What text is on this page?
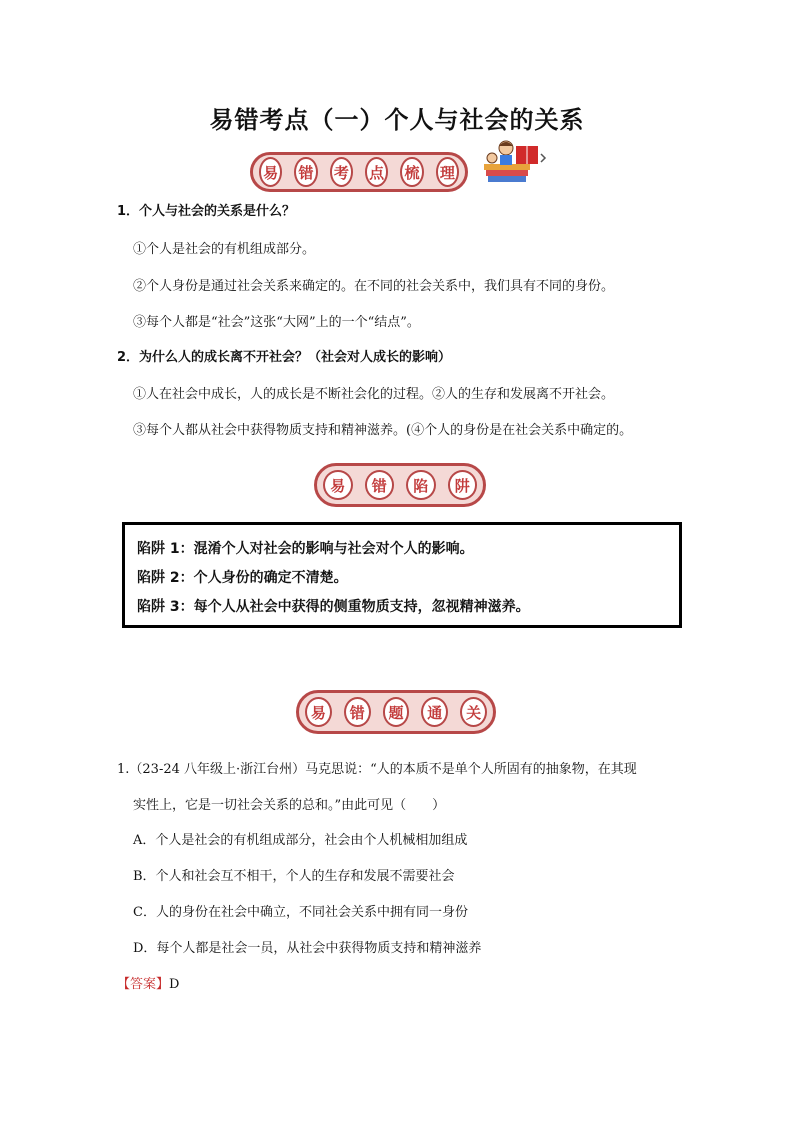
易错考点（一）个人与社会的关系
易 错 考 点 梳 理
1．个人与社会的关系是什么？
①个人是社会的有机组成部分。
②个人身份是通过社会关系来确定的。在不同的社会关系中，我们具有不同的身份。
③每个人都是“社会”这张“大网”上的一个“结点”。
2．为什么人的成长离不开社会？（社会对人成长的影响）
①人在社会中成长，人的成长是不断社会化的过程。②人的生存和发展离不开社会。
③每个人都从社会中获得物质支持和精神滋养。(④个人的身份是在社会关系中确定的。
易	错	陷	阱
陷阱 1：混淆个人对社会的影响与社会对个人的影响。
陷阱 2：个人身份的确定不清楚。
陷阱 3：每个人从社会中获得的侧重物质支持，忽视精神滋养。
易	错	题	通	关
1.（23-24 八年级上·浙江台州）马克思说：“人的本质不是单个人所固有的抽象物，在其现
实性上，它是一切社会关系的总和。”由此可见（　　）
A．个人是社会的有机组成部分，社会由个人机械相加组成
B．个人和社会互不相干，个人的生存和发展不需要社会
C．人的身份在社会中确立，不同社会关系中拥有同一身份
D．每个人都是社会一员，从社会中获得物质支持和精神滋养
【答案】D
